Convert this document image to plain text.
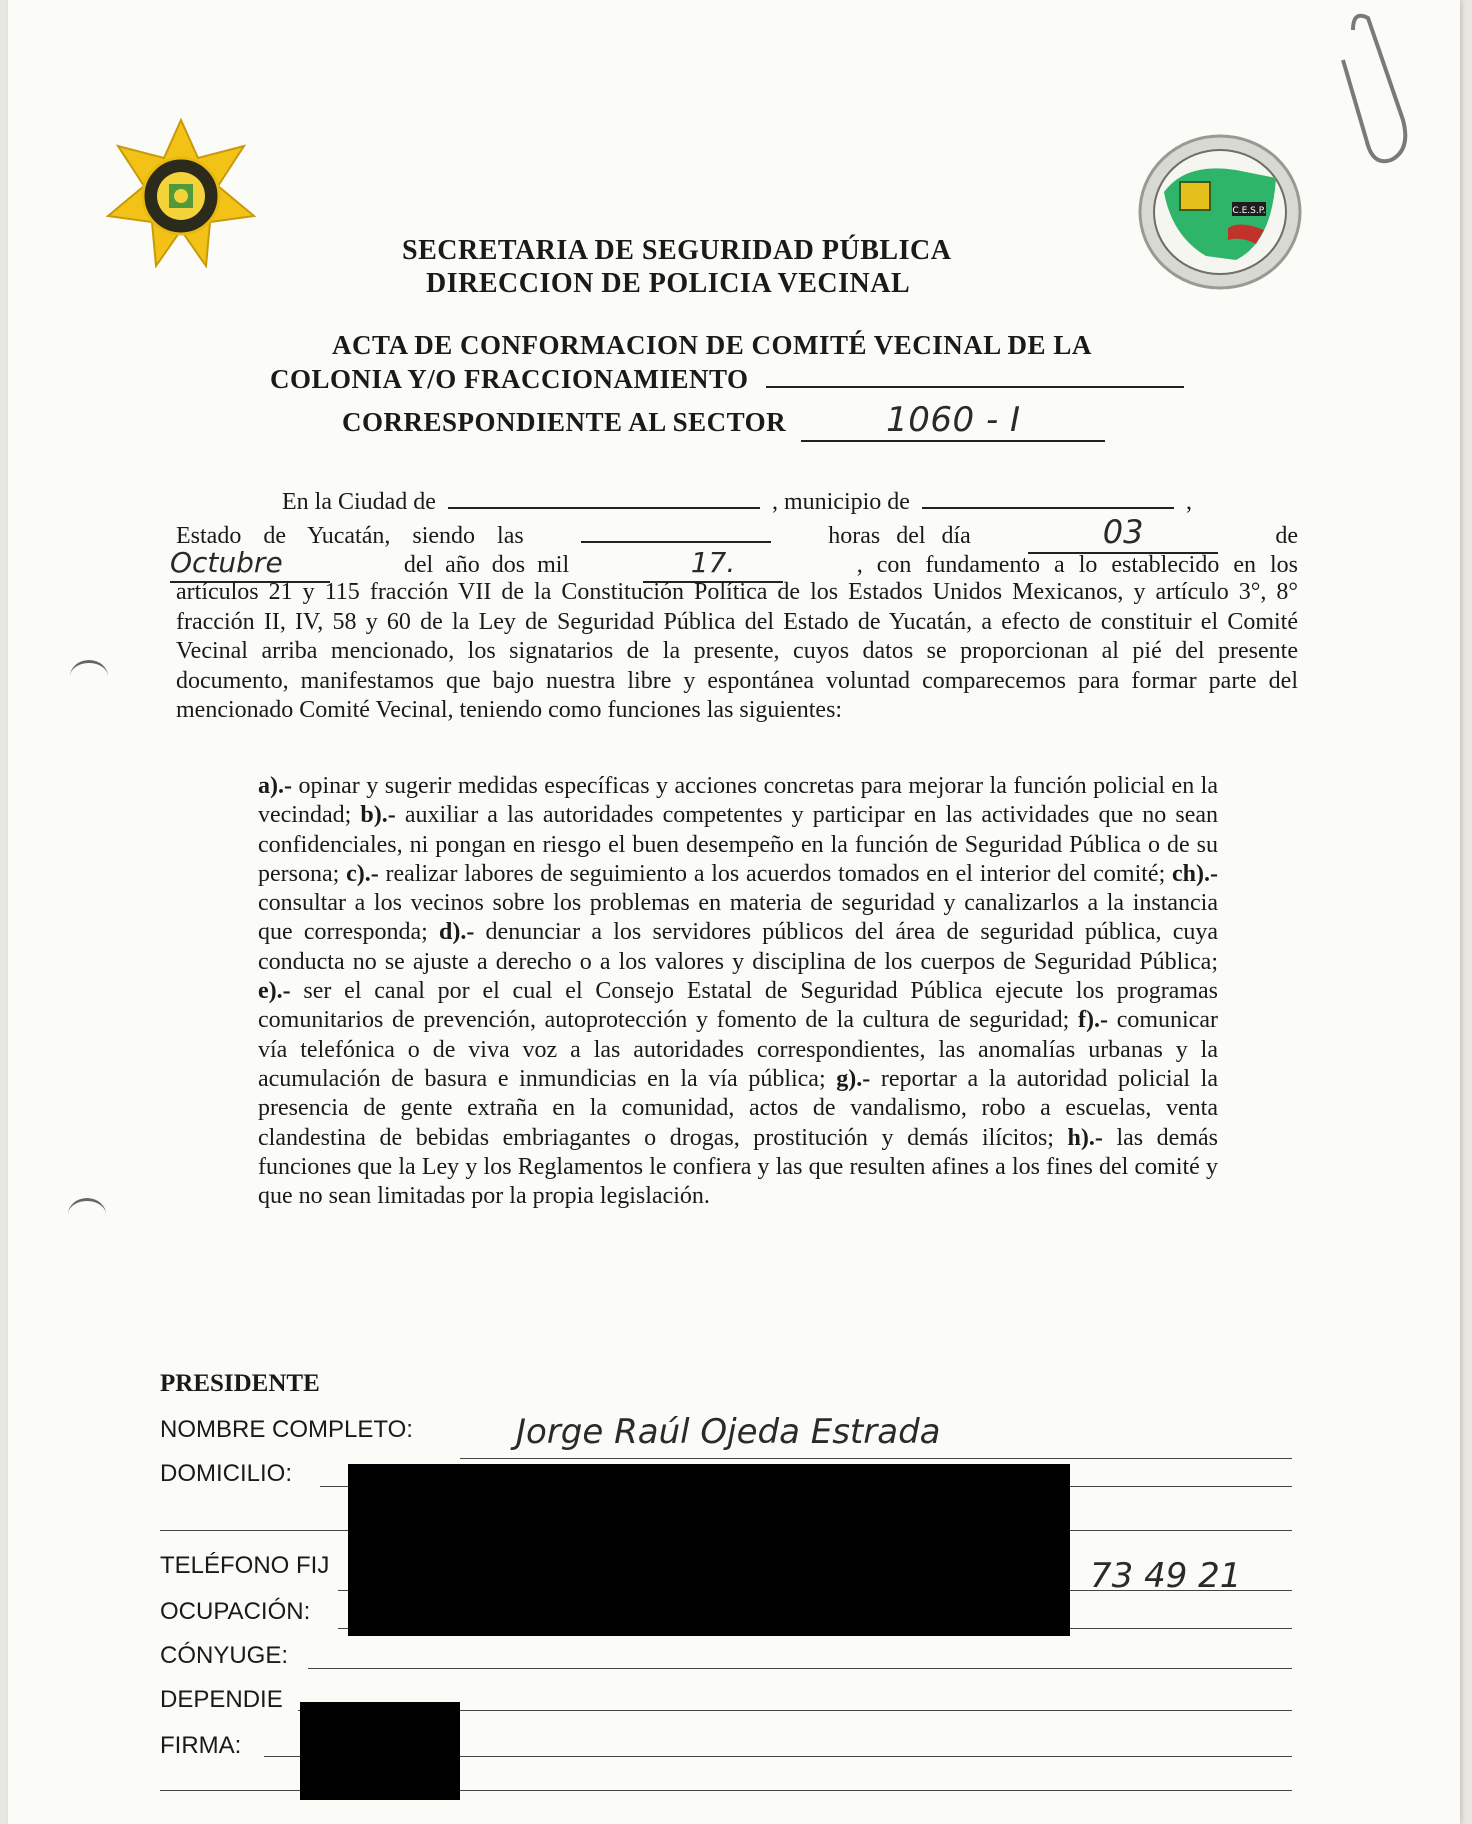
C.E.S.P.
SECRETARIA DE SEGURIDAD PÚBLICA
DIRECCION DE POLICIA VECINAL
ACTA DE CONFORMACION DE COMITÉ VECINAL DE LA
COLONIA Y/O FRACCIONAMIENTO
CORRESPONDIENTE AL SECTOR	1060 - I
En la Ciudad de	, municipio de	,
Estado de Yucatán, siendo las	horas del día	03	de
Octubre	del año dos mil	17.	, con fundamento a lo establecido en los
artículos 21 y 115 fracción VII de la Constitución Política de los Estados Unidos Mexicanos, y artículo 3°, 8° fracción II, IV, 58 y 60 de la Ley de Seguridad Pública del Estado de Yucatán, a efecto de constituir el Comité Vecinal arriba mencionado, los signatarios de la presente, cuyos datos se proporcionan al pié del presente documento, manifestamos que bajo nuestra libre y espontánea voluntad comparecemos para formar parte del mencionado Comité Vecinal, teniendo como funciones las siguientes:
a).- opinar y sugerir medidas específicas y acciones concretas para mejorar la función policial en la vecindad; b).- auxiliar a las autoridades competentes y participar en las actividades que no sean confidenciales, ni pongan en riesgo el buen desempeño en la función de Seguridad Pública o de su persona; c).- realizar labores de seguimiento a los acuerdos tomados en el interior del comité; ch).- consultar a los vecinos sobre los problemas en materia de seguridad y canalizarlos a la instancia que corresponda; d).- denunciar a los servidores públicos del área de seguridad pública, cuya conducta no se ajuste a derecho o a los valores y disciplina de los cuerpos de Seguridad Pública; e).- ser el canal por el cual el Consejo Estatal de Seguridad Pública ejecute los programas comunitarios de prevención, autoprotección y fomento de la cultura de seguridad; f).- comunicar vía telefónica o de viva voz a las autoridades correspondientes, las anomalías urbanas y la acumulación de basura e inmundicias en la vía pública; g).- reportar a la autoridad policial la presencia de gente extraña en la comunidad, actos de vandalismo, robo a escuelas, venta clandestina de bebidas embriagantes o drogas, prostitución y demás ilícitos; h).- las demás funciones que la Ley y los Reglamentos le confiera y las que resulten afines a los fines del comité y que no sean limitadas por la propia legislación.
PRESIDENTE
NOMBRE COMPLETO:	Jorge Raúl Ojeda Estrada
DOMICILIO:
TELÉFONO FIJ	73 49 21
OCUPACIÓN:
CÓNYUGE:
DEPENDIE
FIRMA:
